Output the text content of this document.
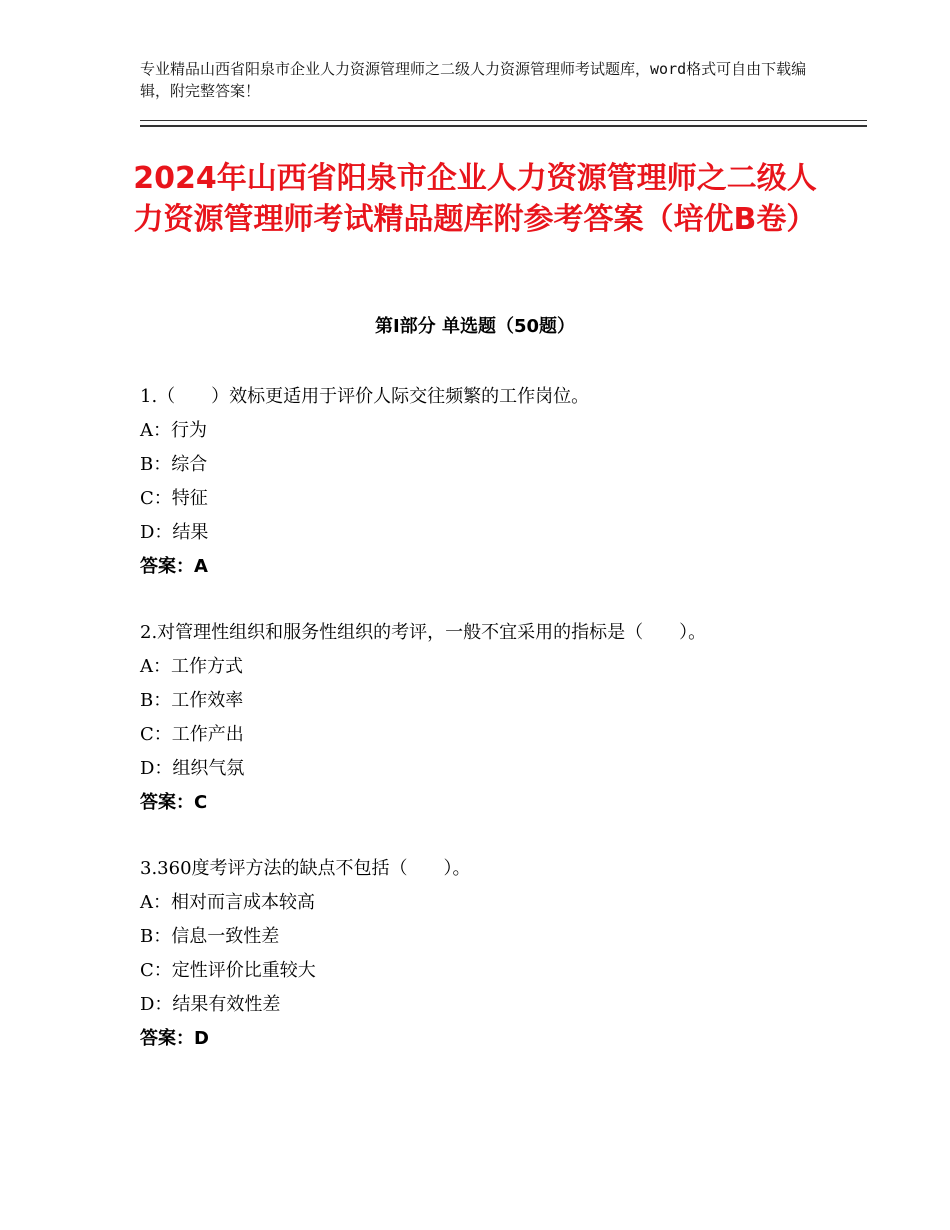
专业精品山西省阳泉市企业人力资源管理师之二级人力资源管理师考试题库，word格式可自由下载编辑，附完整答案！
2024年山西省阳泉市企业人力资源管理师之二级人力资源管理师考试精品题库附参考答案（培优B卷）
第Ⅰ部分 单选题（50题）

1.（　　）效标更适用于评价人际交往频繁的工作岗位。

A：行为
B：综合
C：特征
D：结果
答案：A

2.对管理性组织和服务性组织的考评，一般不宜采用的指标是（　　）。

A：工作方式
B：工作效率
C：工作产出
D：组织气氛
答案：C

3.360度考评方法的缺点不包括（　　）。

A：相对而言成本较高
B：信息一致性差
C：定性评价比重较大
D：结果有效性差
答案：D
